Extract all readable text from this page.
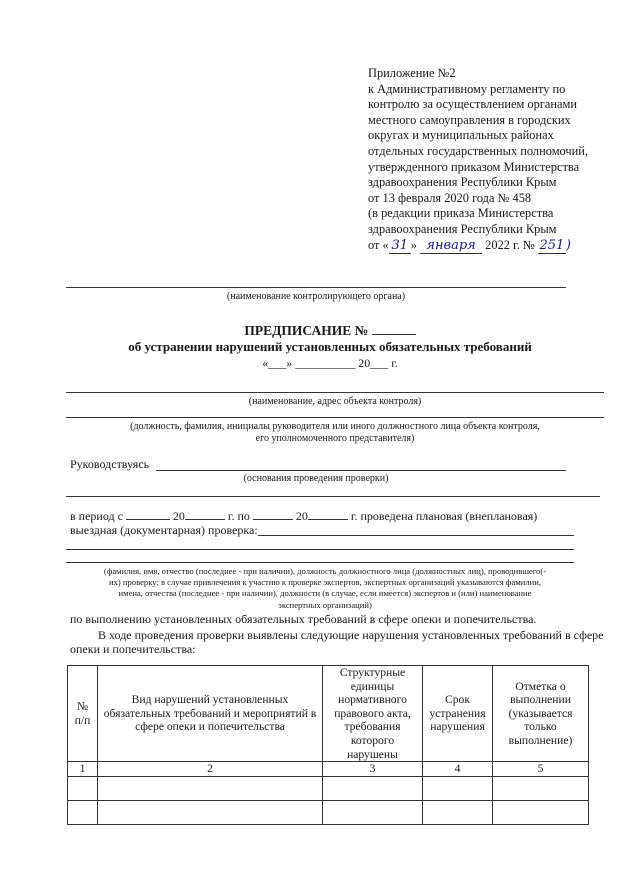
Приложение №2
к Административному регламенту по
контролю за осуществлением органами
местного самоуправления в городских
округах и муниципальных районах
отдельных государственных полномочий,
утвержденного приказом Министерства
здравоохранения Республики Крым
от 13 февраля 2020 года № 458
(в редакции приказа Министерства
здравоохранения Республики Крым
от « 31 » января 2022 г. № 251 )
(наименование контролирующего органа)
ПРЕДПИСАНИЕ №
об устранении нарушений установленных обязательных требований
«___» __________ 20___ г.
(наименование, адрес объекта контроля)
(должность, фамилия, инициалы руководителя или иного должностного лица объекта контроля,
его уполномоченного представителя)
Руководствуясь
(основания проведения проверки)
в период с	20	г. по	20	г. проведена плановая (внеплановая)
выездная (документарная) проверка:
(фамилия, имя, отчество (последнее - при наличии), должность должностного лица (должностных лиц), проводившего(-
их) проверку; в случае привлечения к участию к проверке экспертов, экспертных организаций указываются фамилии,
имена, отчества (последнее - при наличии), должности (в случае, если имеется) экспертов и (или) наименование
экспертных организаций)
по выполнению установленных обязательных требований в сфере опеки и попечительства.
В ходе проведения проверки выявлены следующие нарушения установленных требований в сфере
опеки и попечительства:
№ п/п	Вид нарушений установленных обязательных требований и мероприятий в сфере опеки и попечительства	Структурные единицы нормативного правового акта, требования которого нарушены	Срок устранения нарушения	Отметка о выполнении (указывается только выполнение)
1	2	3	4	5
